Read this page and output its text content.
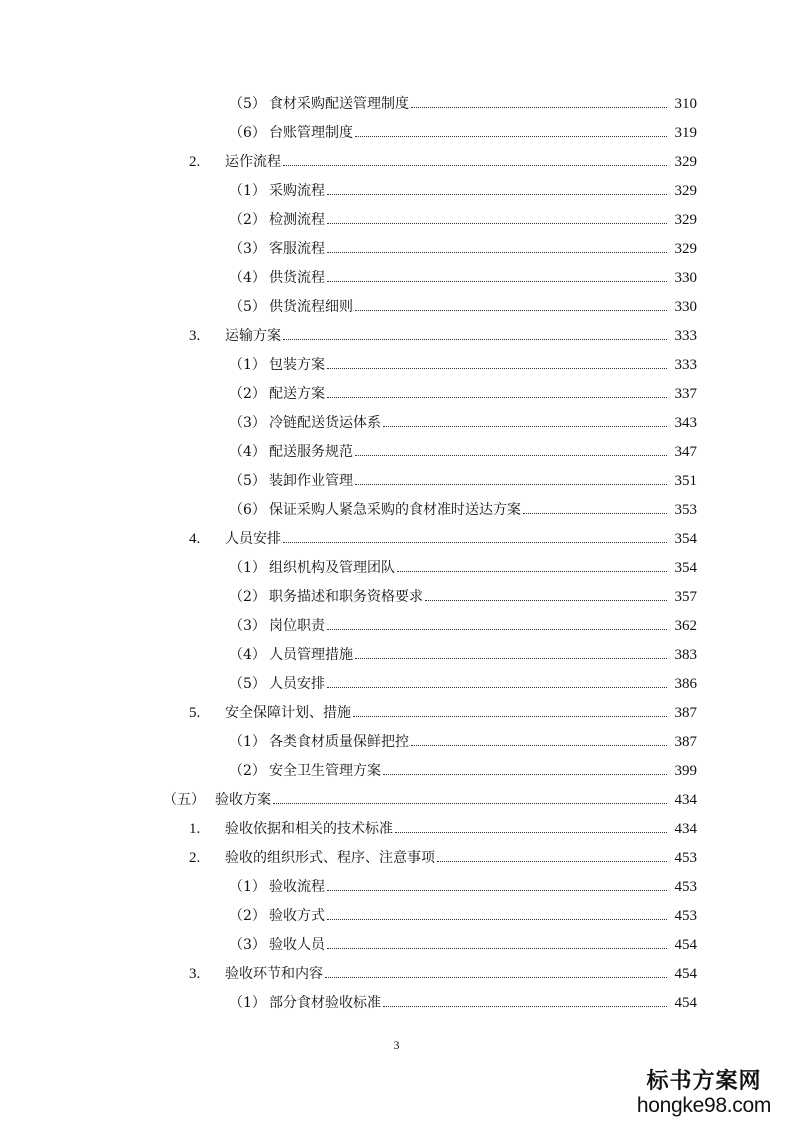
（5） 食材采购配送管理制度	310
（6） 台账管理制度	319
2.	运作流程	329
（1） 采购流程	329
（2） 检测流程	329
（3） 客服流程	329
（4） 供货流程	330
（5） 供货流程细则	330
3.	运输方案	333
（1） 包装方案	333
（2） 配送方案	337
（3） 冷链配送货运体系	343
（4） 配送服务规范	347
（5） 装卸作业管理	351
（6） 保证采购人紧急采购的食材准时送达方案	353
4.	人员安排	354
（1） 组织机构及管理团队	354
（2） 职务描述和职务资格要求	357
（3） 岗位职责	362
（4） 人员管理措施	383
（5） 人员安排	386
5.	安全保障计划、措施	387
（1） 各类食材质量保鲜把控	387
（2） 安全卫生管理方案	399
（五） 验收方案	434
1.	验收依据和相关的技术标准	434
2.	验收的组织形式、程序、注意事项	453
（1） 验收流程	453
（2） 验收方式	453
（3） 验收人员	454
3.	验收环节和内容	454
（1） 部分食材验收标准	454
3
标书方案网
hongke98.com
